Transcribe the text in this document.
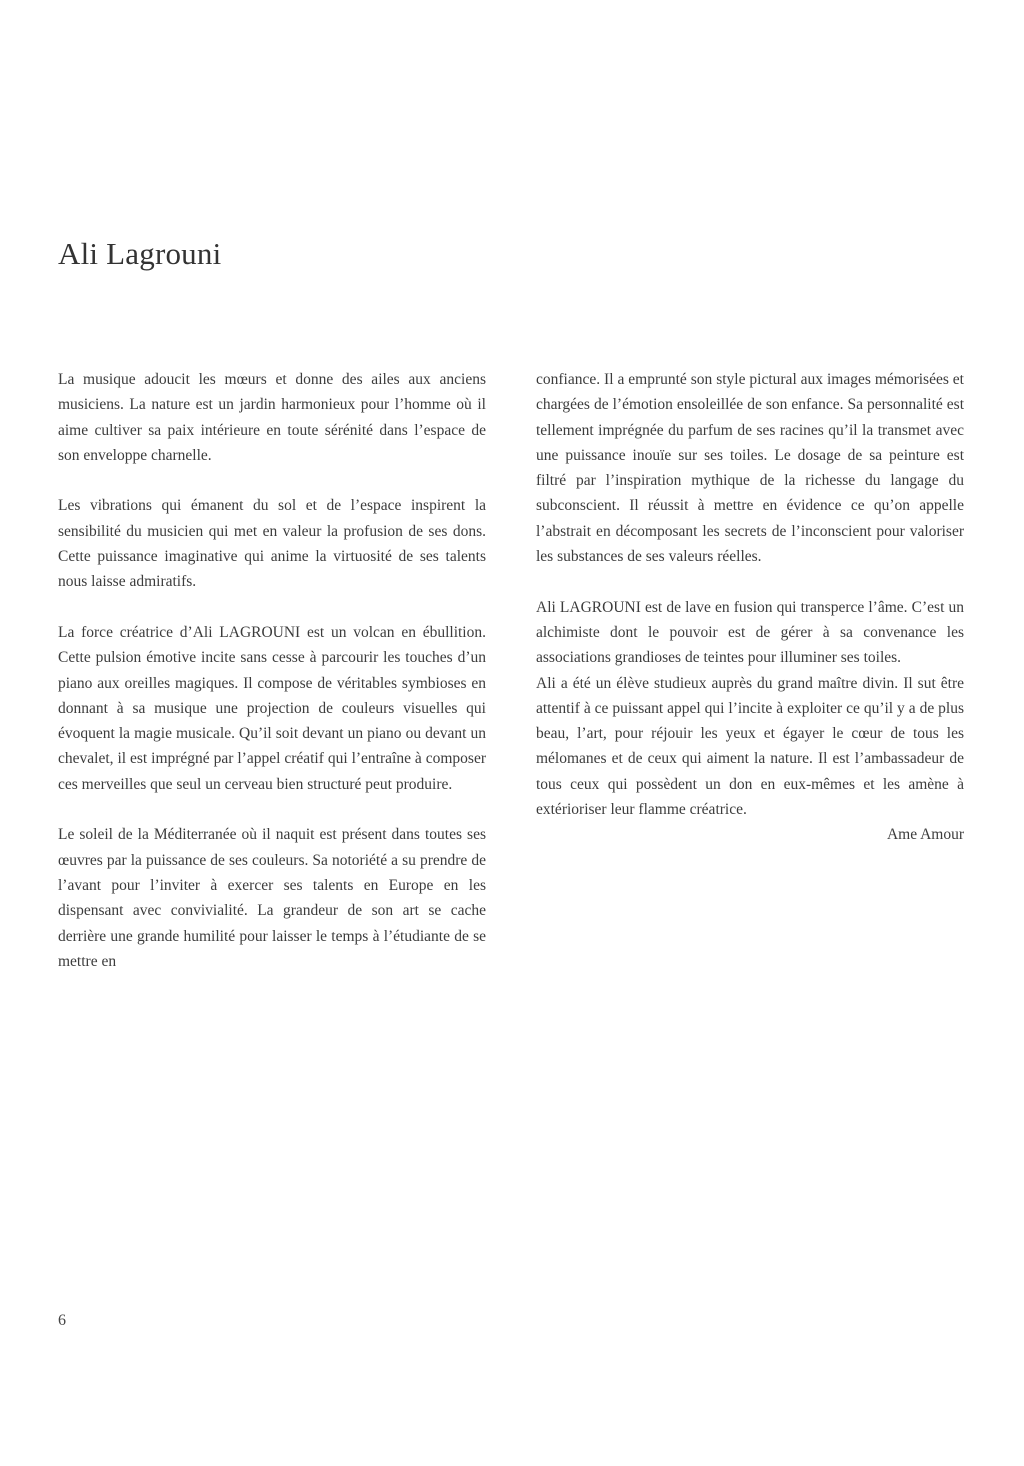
Ali Lagrouni

La musique adoucit les mœurs et donne des ailes aux anciens musiciens. La nature est un jardin harmonieux pour l’homme où il aime cultiver sa paix intérieure en toute sérénité dans l’espace de son enveloppe charnelle.

Les vibrations qui émanent du sol et de l’espace inspirent la sensibilité du musicien qui met en valeur la profusion de ses dons. Cette puissance imaginative qui anime la virtuosité de ses talents nous laisse admiratifs.

La force créatrice d’Ali LAGROUNI est un volcan en ébullition. Cette pulsion émotive incite sans cesse à parcourir les touches d’un piano aux oreilles magiques. Il compose de véritables symbioses en donnant à sa musique une projection de couleurs visuelles qui évoquent la magie musicale. Qu’il soit devant un piano ou devant un chevalet, il est imprégné par l’appel créatif qui l’entraîne à composer ces merveilles que seul un cerveau bien structuré peut produire.

Le soleil de la Méditerranée où il naquit est présent dans toutes ses œuvres par la puissance de ses couleurs. Sa notoriété a su prendre de l’avant pour l’inviter à exercer ses talents en Europe en les dispensant avec convivialité. La grandeur de son art se cache derrière une grande humilité pour laisser le temps à l’étudiante de se mettre en

confiance. Il a emprunté son style pictural aux images mémorisées et chargées de l’émotion ensoleillée de son enfance. Sa personnalité est tellement imprégnée du parfum de ses racines qu’il la transmet avec une puissance inouïe sur ses toiles. Le dosage de sa peinture est filtré par l’inspiration mythique de la richesse du langage du subconscient. Il réussit à mettre en évidence ce qu’on appelle l’abstrait en décomposant les secrets de l’inconscient pour valoriser les substances de ses valeurs réelles.

Ali LAGROUNI est de lave en fusion qui transperce l’âme. C’est un alchimiste dont le pouvoir est de gérer à sa convenance les associations grandioses de teintes pour illuminer ses toiles.

Ali a été un élève studieux auprès du grand maître divin. Il sut être attentif à ce puissant appel qui l’incite à exploiter ce qu’il y a de plus beau, l’art, pour réjouir les yeux et égayer le cœur de tous les mélomanes et de ceux qui aiment la nature. Il est l’ambassadeur de tous ceux qui possèdent un don en eux-mêmes et les amène à extérioriser leur flamme créatrice.

Ame Amour

6
